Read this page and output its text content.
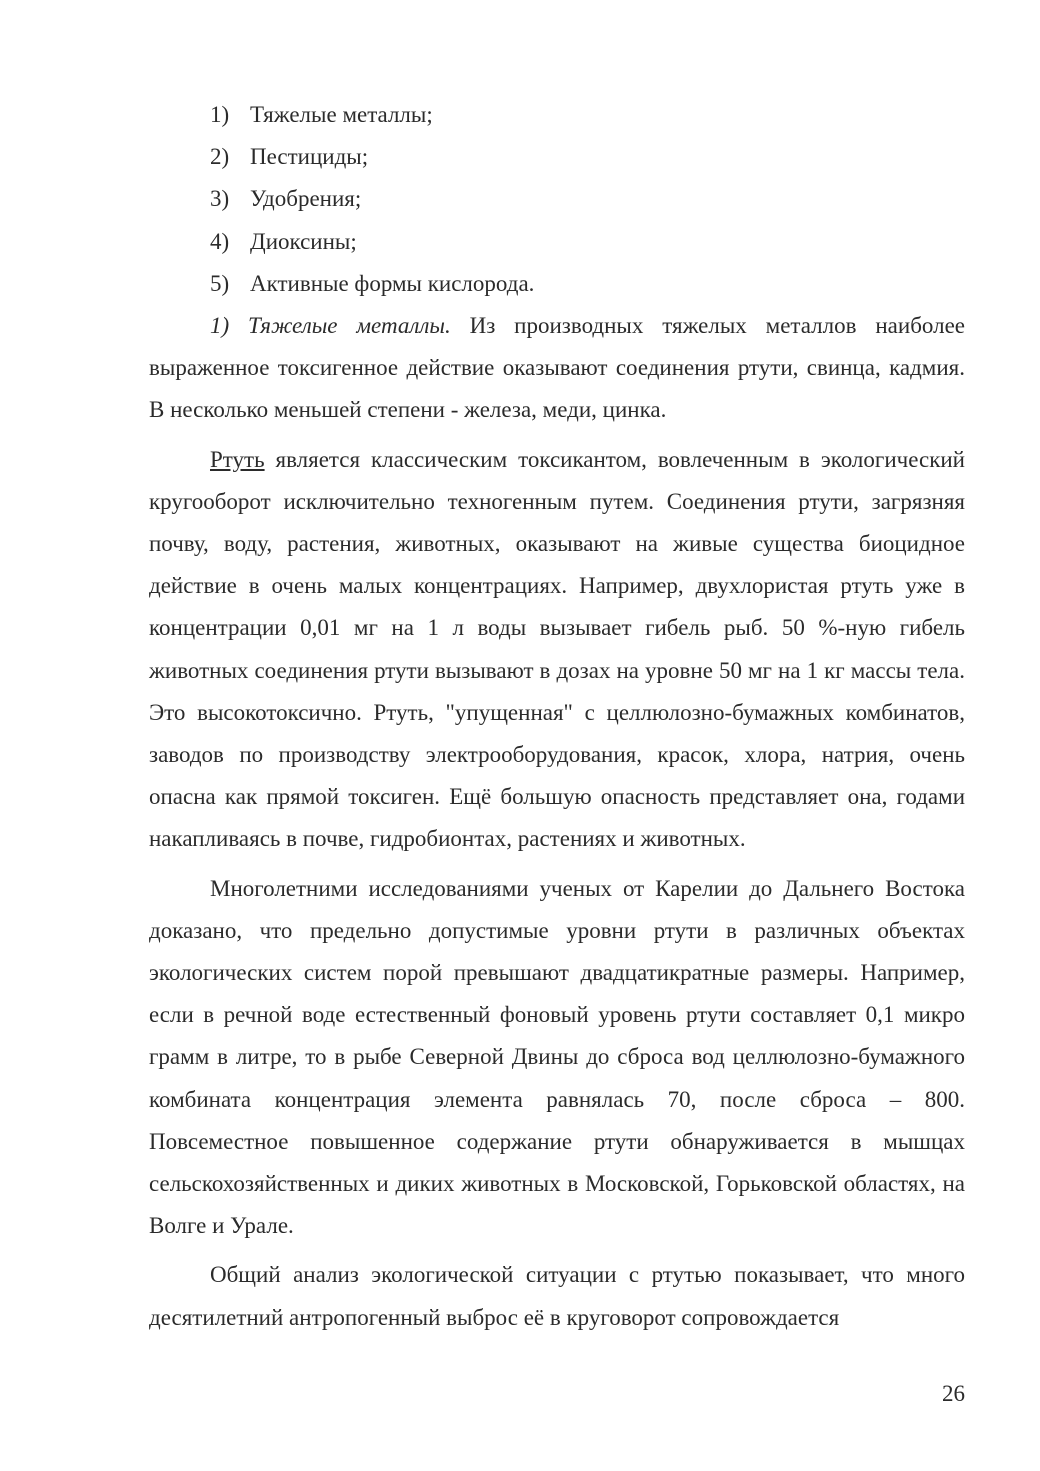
1) Тяжелые металлы;
2) Пестициды;
3) Удобрения;
4) Диоксины;
5) Активные формы кислорода.

1) Тяжелые металлы. Из производных тяжелых металлов наиболее выраженное токсигенное действие оказывают соединения ртути, свинца, кадмия. В несколько меньшей степени - железа, меди, цинка.

Ртуть является классическим токсикантом, вовлеченным в экологический кругооборот исключительно техногенным путем. Соединения ртути, загрязняя почву, воду, растения, животных, оказывают на живые существа биоцидное действие в очень малых концентрациях. Например, двухлористая ртуть уже в концентрации 0,01 мг на 1 л воды вызывает гибель рыб. 50 %-ную гибель животных соединения ртути вызывают в дозах на уровне 50 мг на 1 кг массы тела. Это высокотоксично. Ртуть, "упущенная" с целлюлозно-бумажных комбинатов, заводов по производству электрооборудования, красок, хлора, натрия, очень опасна как прямой токсиген. Ещё большую опасность представляет она, годами накапливаясь в почве, гидробионтах, растениях и животных.

Многолетними исследованиями ученых от Карелии до Дальнего Востока доказано, что предельно допустимые уровни ртути в различных объектах экологических систем порой превышают двадцатикратные размеры. Например, если в речной воде естественный фоновый уровень ртути составляет 0,1 микро грамм в литре, то в рыбе Северной Двины до сброса вод целлюлозно-бумажного комбината концентрация элемента равнялась 70, после сброса – 800. Повсеместное повышенное содержание ртути обнаруживается в мышцах сельскохозяйственных и диких животных в Московской, Горьковской областях, на Волге и Урале.

Общий анализ экологической ситуации с ртутью показывает, что много десятилетний антропогенный выброс её в круговорот сопровождается

26
